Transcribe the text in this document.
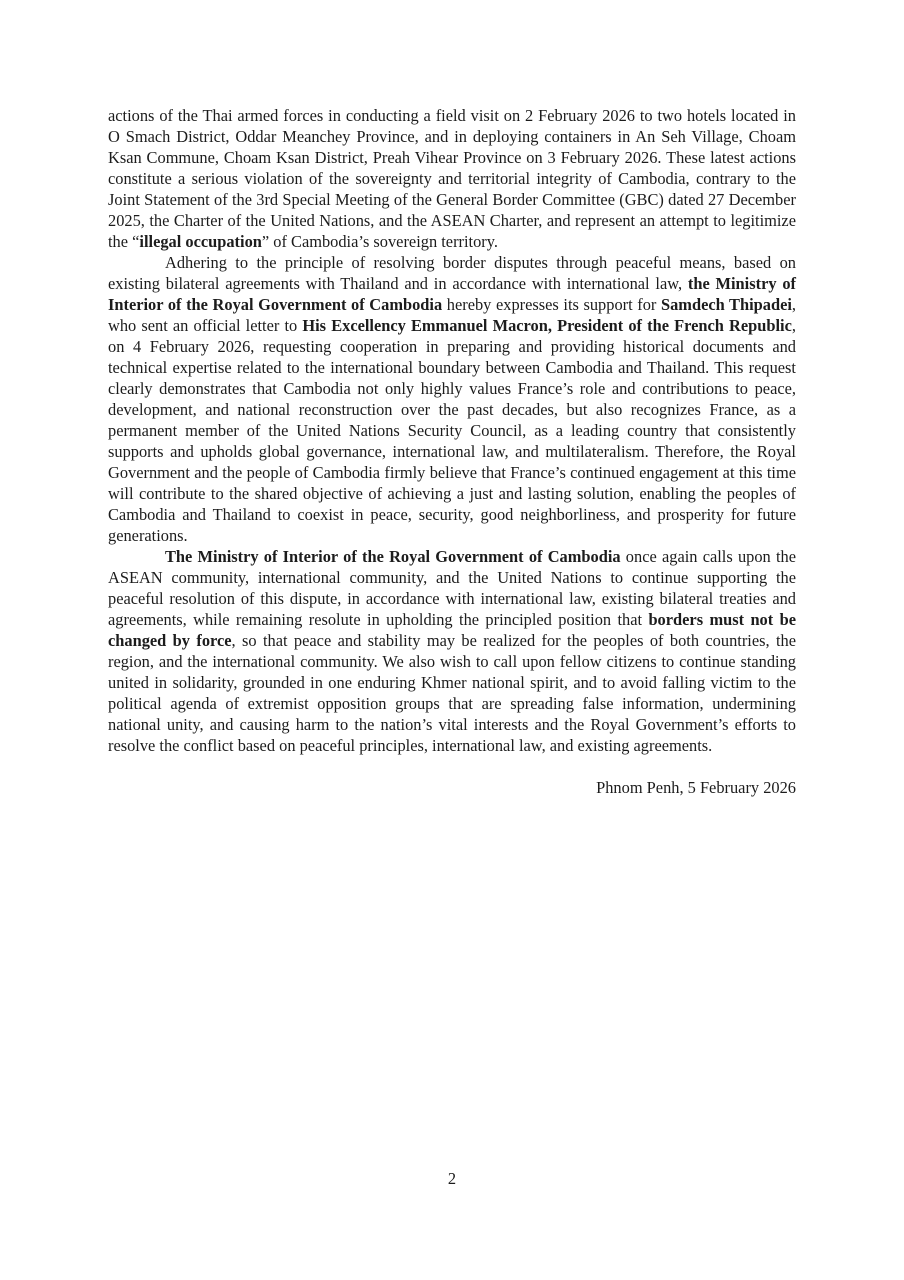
actions of the Thai armed forces in conducting a field visit on 2 February 2026 to two hotels located in O Smach District, Oddar Meanchey Province, and in deploying containers in An Seh Village, Choam Ksan Commune, Choam Ksan District, Preah Vihear Province on 3 February 2026. These latest actions constitute a serious violation of the sovereignty and territorial integrity of Cambodia, contrary to the Joint Statement of the 3rd Special Meeting of the General Border Committee (GBC) dated 27 December 2025, the Charter of the United Nations, and the ASEAN Charter, and represent an attempt to legitimize the “illegal occupation” of Cambodia’s sovereign territory.

Adhering to the principle of resolving border disputes through peaceful means, based on existing bilateral agreements with Thailand and in accordance with international law, the Ministry of Interior of the Royal Government of Cambodia hereby expresses its support for Samdech Thipadei, who sent an official letter to His Excellency Emmanuel Macron, President of the French Republic, on 4 February 2026, requesting cooperation in preparing and providing historical documents and technical expertise related to the international boundary between Cambodia and Thailand. This request clearly demonstrates that Cambodia not only highly values France’s role and contributions to peace, development, and national reconstruction over the past decades, but also recognizes France, as a permanent member of the United Nations Security Council, as a leading country that consistently supports and upholds global governance, international law, and multilateralism. Therefore, the Royal Government and the people of Cambodia firmly believe that France’s continued engagement at this time will contribute to the shared objective of achieving a just and lasting solution, enabling the peoples of Cambodia and Thailand to coexist in peace, security, good neighborliness, and prosperity for future generations.

The Ministry of Interior of the Royal Government of Cambodia once again calls upon the ASEAN community, international community, and the United Nations to continue supporting the peaceful resolution of this dispute, in accordance with international law, existing bilateral treaties and agreements, while remaining resolute in upholding the principled position that borders must not be changed by force, so that peace and stability may be realized for the peoples of both countries, the region, and the international community. We also wish to call upon fellow citizens to continue standing united in solidarity, grounded in one enduring Khmer national spirit, and to avoid falling victim to the political agenda of extremist opposition groups that are spreading false information, undermining national unity, and causing harm to the nation’s vital interests and the Royal Government’s efforts to resolve the conflict based on peaceful principles, international law, and existing agreements.

Phnom Penh, 5 February 2026

2
